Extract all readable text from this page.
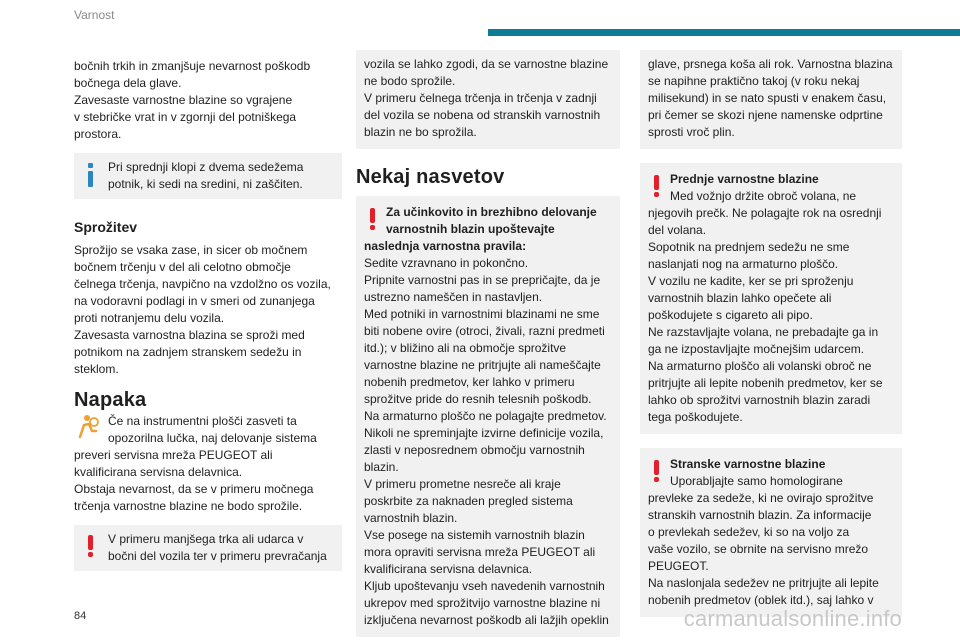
Varnost

bočnih trkih in zmanjšuje nevarnost poškodb
bočnega dela glave.
Zavesaste varnostne blazine so vgrajene
v stebričke vrat in v zgornji del potniškega
prostora.

Pri sprednji klopi z dvema sedežema
potnik, ki sedi na sredini, ni zaščiten.
Sprožitev

Sprožijo se vsaka zase, in sicer ob močnem
bočnem trčenju v del ali celotno območje
čelnega trčenja, navpično na vzdolžno os vozila,
na vodoravni podlagi in v smeri od zunanjega
proti notranjemu delu vozila.
Zavesasta varnostna blazina se sproži med
potnikom na zadnjem stranskem sedežu in
steklom.

Napaka

Če na instrumentni plošči zasveti ta
opozorilna lučka, naj delovanje sistema

preveri servisna mreža PEUGEOT ali
kvalificirana servisna delavnica.
Obstaja nevarnost, da se v primeru močnega
trčenja varnostne blazine ne bodo sprožile.

V primeru manjšega trka ali udarca v
bočni del vozila ter v primeru prevračanja
vozila se lahko zgodi, da se varnostne blazine
ne bodo sprožile.
V primeru čelnega trčenja in trčenja v zadnji
del vozila se nobena od stranskih varnostnih
blazin ne bo sprožila.
Nekaj nasvetov
Za učinkovito in brezhibno delovanje
varnostnih blazin upoštevajte
naslednja varnostna pravila:
Sedite vzravnano in pokončno.
Pripnite varnostni pas in se prepričajte, da je
ustrezno nameščen in nastavljen.
Med potniki in varnostnimi blazinami ne sme
biti nobene ovire (otroci, živali, razni predmeti
itd.); v bližino ali na območje sprožitve
varnostne blazine ne pritrjujte ali nameščajte
nobenih predmetov, ker lahko v primeru
sprožitve pride do resnih telesnih poškodb.
Na armaturno ploščo ne polagajte predmetov.
Nikoli ne spreminjajte izvirne definicije vozila,
zlasti v neposrednem območju varnostnih
blazin.
V primeru prometne nesreče ali kraje
poskrbite za naknaden pregled sistema
varnostnih blazin.
Vse posege na sistemih varnostnih blazin
mora opraviti servisna mreža PEUGEOT ali
kvalificirana servisna delavnica.
Kljub upoštevanju vseh navedenih varnostnih
ukrepov med sprožitvijo varnostne blazine ni
izključena nevarnost poškodb ali lažjih opeklin
glave, prsnega koša ali rok. Varnostna blazina
se napihne praktično takoj (v roku nekaj
milisekund) in se nato spusti v enakem času,
pri čemer se skozi njene namenske odprtine
sprosti vroč plin.
Prednje varnostne blazine
Med vožnjo držite obroč volana, ne
njegovih prečk. Ne polagajte rok na osrednji
del volana.
Sopotnik na prednjem sedežu ne sme
naslanjati nog na armaturno ploščo.
V vozilu ne kadite, ker se pri sproženju
varnostnih blazin lahko opečete ali
poškodujete s cigareto ali pipo.
Ne razstavljajte volana, ne prebadajte ga in
ga ne izpostavljajte močnejšim udarcem.
Na armaturno ploščo ali volanski obroč ne
pritrjujte ali lepite nobenih predmetov, ker se
lahko ob sprožitvi varnostnih blazin zaradi
tega poškodujete.
Stranske varnostne blazine
Uporabljajte samo homologirane
prevleke za sedeže, ki ne ovirajo sprožitve
stranskih varnostnih blazin. Za informacije
o prevlekah sedežev, ki so na voljo za
vaše vozilo, se obrnite na servisno mrežo
PEUGEOT.
Na naslonjala sedežev ne pritrjujte ali lepite
nobenih predmetov (oblek itd.), saj lahko v
84	carmanualsonline.info
